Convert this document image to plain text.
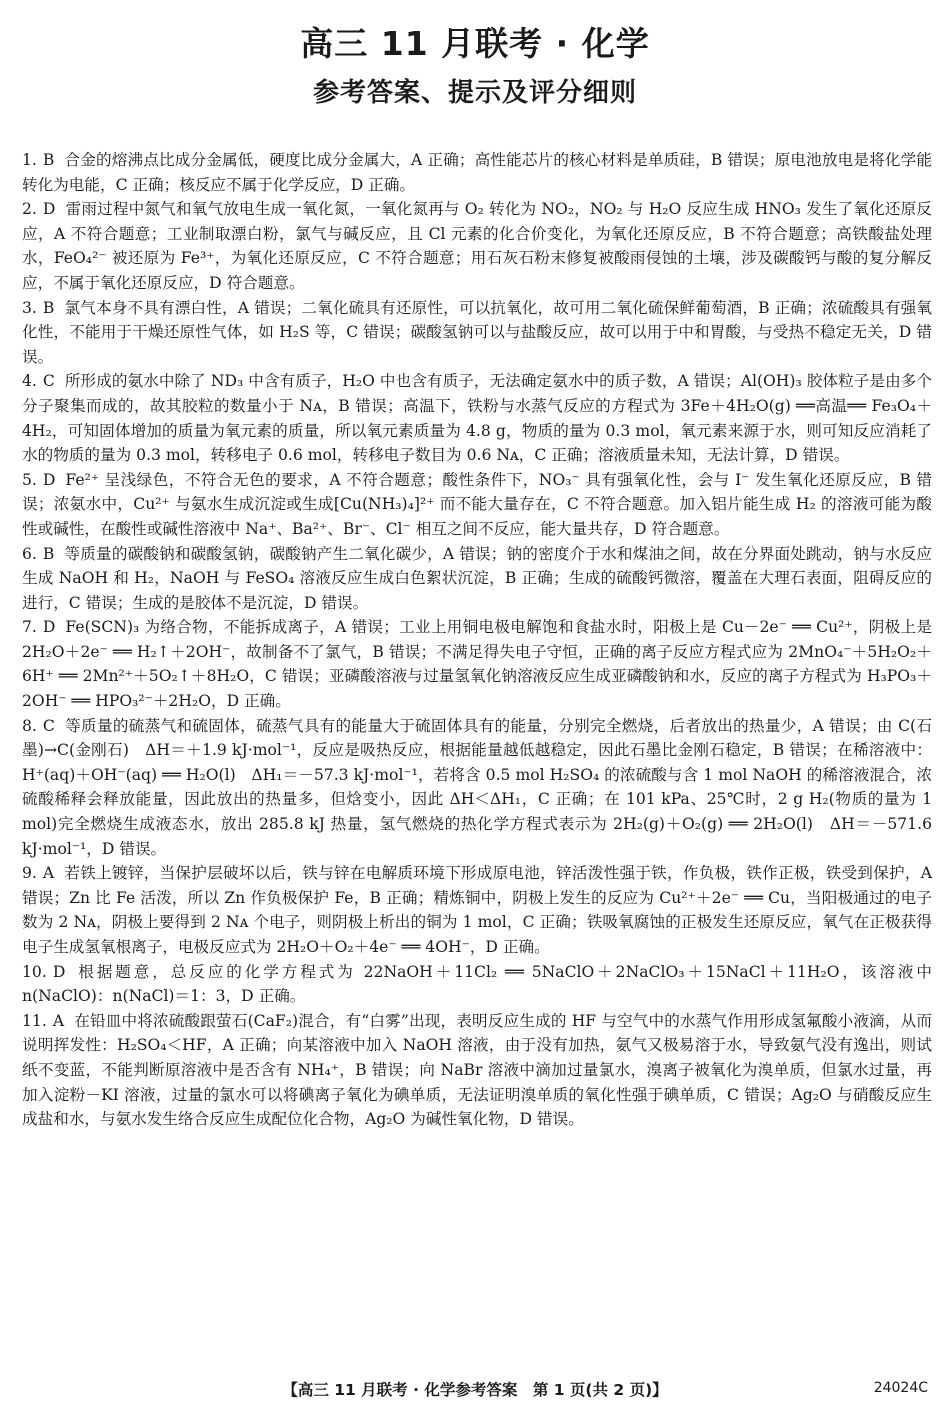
高三 11 月联考 · 化学
参考答案、提示及评分细则

1. B 合金的熔沸点比成分金属低，硬度比成分金属大，A 正确；高性能芯片的核心材料是单质硅，B 错误；原电池放电是将化学能转化为电能，C 正确；核反应不属于化学反应，D 正确。

2. D 雷雨过程中氮气和氧气放电生成一氧化氮，一氧化氮再与 O₂ 转化为 NO₂，NO₂ 与 H₂O 反应生成 HNO₃ 发生了氧化还原反应，A 不符合题意；工业制取漂白粉，氯气与碱反应，且 Cl 元素的化合价变化，为氧化还原反应，B 不符合题意；高铁酸盐处理水，FeO₄²⁻ 被还原为 Fe³⁺，为氧化还原反应，C 不符合题意；用石灰石粉末修复被酸雨侵蚀的土壤，涉及碳酸钙与酸的复分解反应，不属于氧化还原反应，D 符合题意。

3. B 氯气本身不具有漂白性，A 错误；二氧化硫具有还原性，可以抗氧化，故可用二氧化硫保鲜葡萄酒，B 正确；浓硫酸具有强氧化性，不能用于干燥还原性气体，如 H₂S 等，C 错误；碳酸氢钠可以与盐酸反应，故可以用于中和胃酸，与受热不稳定无关，D 错误。

4. C 所形成的氨水中除了 ND₃ 中含有质子，H₂O 中也含有质子，无法确定氨水中的质子数，A 错误；Al(OH)₃ 胶体粒子是由多个分子聚集而成的，故其胶粒的数量小于 Nᴀ，B 错误；高温下，铁粉与水蒸气反应的方程式为 3Fe＋4H₂O(g) ══高温══ Fe₃O₄＋4H₂，可知固体增加的质量为氧元素的质量，所以氧元素质量为 4.8 g，物质的量为 0.3 mol，氧元素来源于水，则可知反应消耗了水的物质的量为 0.3 mol，转移电子 0.6 mol，转移电子数目为 0.6 Nᴀ，C 正确；溶液质量未知，无法计算，D 错误。

5. D Fe²⁺ 呈浅绿色，不符合无色的要求，A 不符合题意；酸性条件下，NO₃⁻ 具有强氧化性，会与 I⁻ 发生氧化还原反应，B 错误；浓氨水中，Cu²⁺ 与氨水生成沉淀或生成[Cu(NH₃)₄]²⁺ 而不能大量存在，C 不符合题意。加入铝片能生成 H₂ 的溶液可能为酸性或碱性，在酸性或碱性溶液中 Na⁺、Ba²⁺、Br⁻、Cl⁻ 相互之间不反应，能大量共存，D 符合题意。

6. B 等质量的碳酸钠和碳酸氢钠，碳酸钠产生二氧化碳少，A 错误；钠的密度介于水和煤油之间，故在分界面处跳动，钠与水反应生成 NaOH 和 H₂，NaOH 与 FeSO₄ 溶液反应生成白色絮状沉淀，B 正确；生成的硫酸钙微溶，覆盖在大理石表面，阻碍反应的进行，C 错误；生成的是胶体不是沉淀，D 错误。

7. D Fe(SCN)₃ 为络合物，不能拆成离子，A 错误；工业上用铜电极电解饱和食盐水时，阳极上是 Cu－2e⁻ ══ Cu²⁺，阴极上是 2H₂O＋2e⁻ ══ H₂↑＋2OH⁻，故制备不了氯气，B 错误；不满足得失电子守恒，正确的离子反应方程式应为 2MnO₄⁻＋5H₂O₂＋6H⁺ ══ 2Mn²⁺＋5O₂↑＋8H₂O，C 错误；亚磷酸溶液与过量氢氧化钠溶液反应生成亚磷酸钠和水，反应的离子方程式为 H₃PO₃＋2OH⁻ ══ HPO₃²⁻＋2H₂O，D 正确。

8. C 等质量的硫蒸气和硫固体，硫蒸气具有的能量大于硫固体具有的能量，分别完全燃烧，后者放出的热量少，A 错误；由 C(石墨)→C(金刚石)　ΔH＝＋1.9 kJ·mol⁻¹，反应是吸热反应，根据能量越低越稳定，因此石墨比金刚石稳定，B 错误；在稀溶液中：H⁺(aq)＋OH⁻(aq) ══ H₂O(l)　ΔH₁＝－57.3 kJ·mol⁻¹，若将含 0.5 mol H₂SO₄ 的浓硫酸与含 1 mol NaOH 的稀溶液混合，浓硫酸稀释会释放能量，因此放出的热量多，但焓变小，因此 ΔH＜ΔH₁，C 正确；在 101 kPa、25℃时，2 g H₂(物质的量为 1 mol)完全燃烧生成液态水，放出 285.8 kJ 热量，氢气燃烧的热化学方程式表示为 2H₂(g)＋O₂(g) ══ 2H₂O(l)　ΔH＝－571.6 kJ·mol⁻¹，D 错误。

9. A 若铁上镀锌，当保护层破坏以后，铁与锌在电解质环境下形成原电池，锌活泼性强于铁，作负极，铁作正极，铁受到保护，A 错误；Zn 比 Fe 活泼，所以 Zn 作负极保护 Fe，B 正确；精炼铜中，阴极上发生的反应为 Cu²⁺＋2e⁻ ══ Cu，当阳极通过的电子数为 2 Nᴀ，阴极上要得到 2 Nᴀ 个电子，则阴极上析出的铜为 1 mol，C 正确；铁吸氧腐蚀的正极发生还原反应，氧气在正极获得电子生成氢氧根离子，电极反应式为 2H₂O＋O₂＋4e⁻ ══ 4OH⁻，D 正确。

10. D 根据题意，总反应的化学方程式为 22NaOH＋11Cl₂ ══ 5NaClO＋2NaClO₃＋15NaCl＋11H₂O，该溶液中 n(NaClO)：n(NaCl)＝1：3，D 正确。

11. A 在铅皿中将浓硫酸跟萤石(CaF₂)混合，有“白雾”出现，表明反应生成的 HF 与空气中的水蒸气作用形成氢氟酸小液滴，从而说明挥发性：H₂SO₄＜HF，A 正确；向某溶液中加入 NaOH 溶液，由于没有加热，氨气又极易溶于水，导致氨气没有逸出，则试纸不变蓝，不能判断原溶液中是否含有 NH₄⁺，B 错误；向 NaBr 溶液中滴加过量氯水，溴离子被氧化为溴单质，但氯水过量，再加入淀粉－KI 溶液，过量的氯水可以将碘离子氧化为碘单质，无法证明溴单质的氧化性强于碘单质，C 错误；Ag₂O 与硝酸反应生成盐和水，与氨水发生络合反应生成配位化合物，Ag₂O 为碱性氧化物，D 错误。

【高三 11 月联考 · 化学参考答案　第 1 页(共 2 页)】	24024C
